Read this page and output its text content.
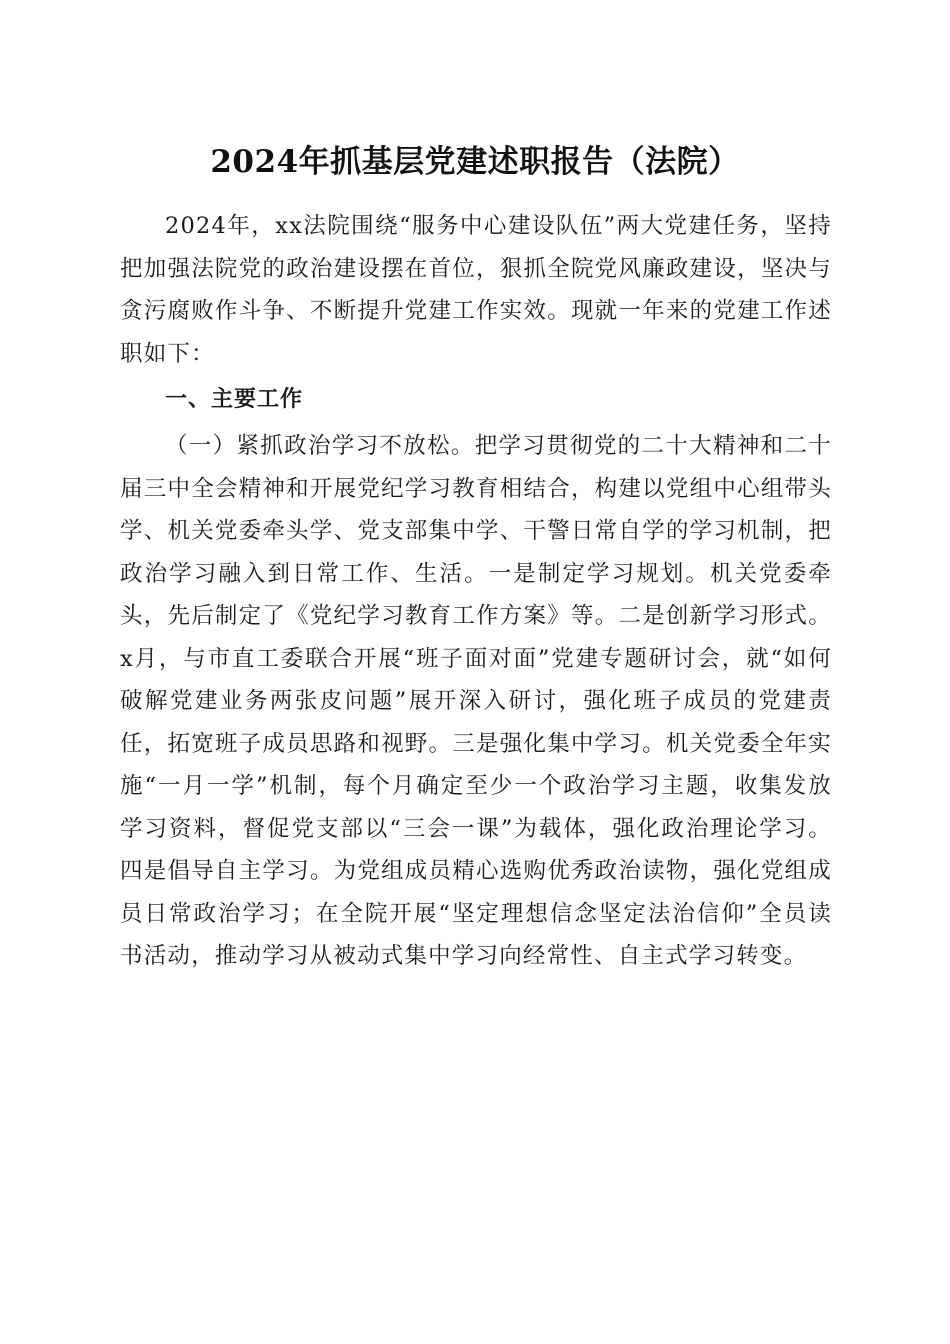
2024年抓基层党建述职报告（法院）

2024年，xx法院围绕“服务中心建设队伍”两大党建任务，坚持把加强法院党的政治建设摆在首位，狠抓全院党风廉政建设，坚决与贪污腐败作斗争、不断提升党建工作实效。现就一年来的党建工作述职如下：

一、主要工作

（一）紧抓政治学习不放松。把学习贯彻党的二十大精神和二十届三中全会精神和开展党纪学习教育相结合，构建以党组中心组带头学、机关党委牵头学、党支部集中学、干警日常自学的学习机制，把政治学习融入到日常工作、生活。一是制定学习规划。机关党委牵头，先后制定了《党纪学习教育工作方案》等。二是创新学习形式。x月，与市直工委联合开展“班子面对面”党建专题研讨会，就“如何破解党建业务两张皮问题”展开深入研讨，强化班子成员的党建责任，拓宽班子成员思路和视野。三是强化集中学习。机关党委全年实施“一月一学”机制，每个月确定至少一个政治学习主题，收集发放学习资料，督促党支部以“三会一课”为载体，强化政治理论学习。四是倡导自主学习。为党组成员精心选购优秀政治读物，强化党组成员日常政治学习；在全院开展“坚定理想信念坚定法治信仰”全员读书活动，推动学习从被动式集中学习向经常性、自主式学习转变。
